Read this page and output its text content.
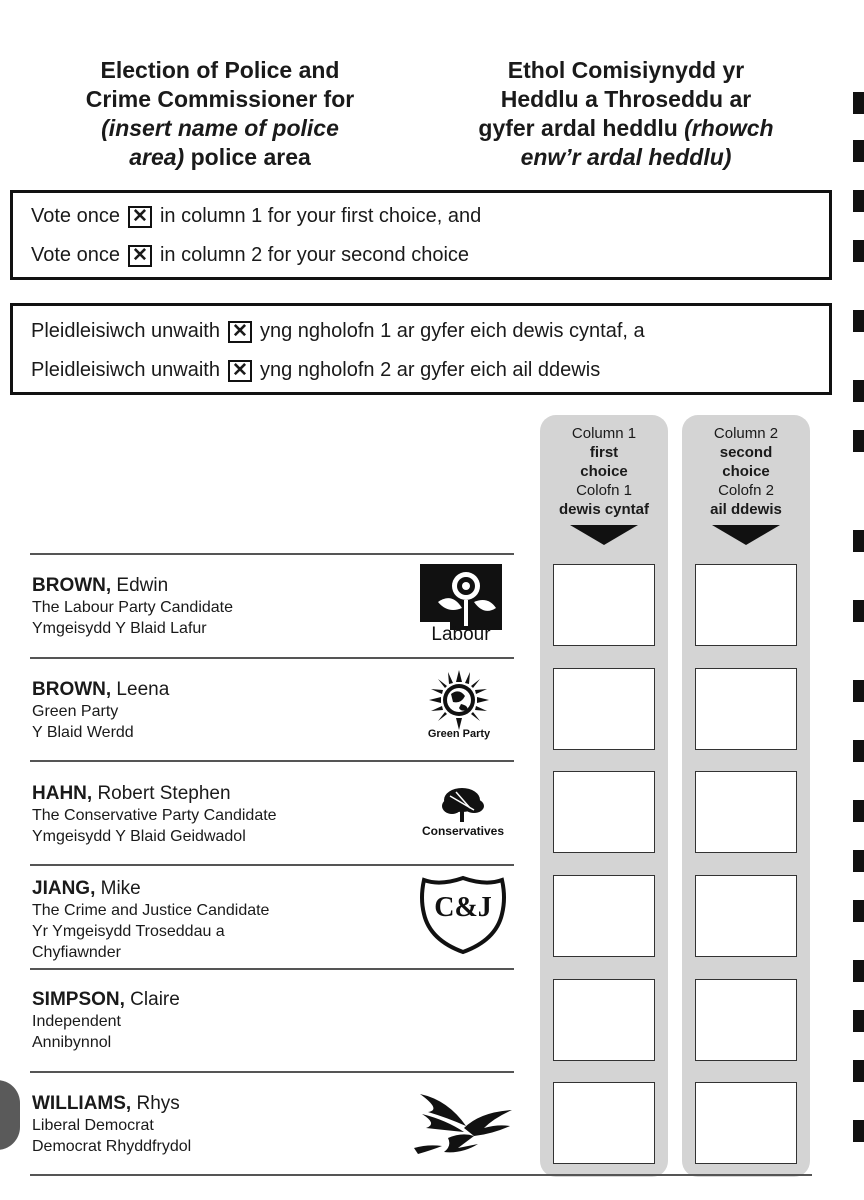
Election of Police and
Crime Commissioner for
(insert name of police
area) police area
Ethol Comisiynydd yr
Heddlu a Throseddu ar
gyfer ardal heddlu (rhowch
enw’r ardal heddlu)
Vote once ✕ in column 1 for your first choice, and
Vote once ✕ in column 2 for your second choice
Pleidleisiwch unwaith ✕ yng ngholofn 1 ar gyfer eich dewis cyntaf, a
Pleidleisiwch unwaith ✕ yng ngholofn 2 ar gyfer eich ail ddewis
Column 1
first
choice
Colofn 1
dewis cyntaf
Column 2
second
choice
Colofn 2
ail ddewis
BROWN, Edwin
The Labour Party Candidate
Ymgeisydd Y Blaid Lafur
BROWN, Leena
Green Party
Y Blaid Werdd
HAHN, Robert Stephen
The Conservative Party Candidate
Ymgeisydd Y Blaid Geidwadol
JIANG, Mike
The Crime and Justice Candidate
Yr Ymgeisydd Troseddau a
Chyfiawnder
SIMPSON, Claire
Independent
Annibynnol
WILLIAMS, Rhys
Liberal Democrat
Democrat Rhyddfrydol
Labour
Green Party
Conservatives
C&J
